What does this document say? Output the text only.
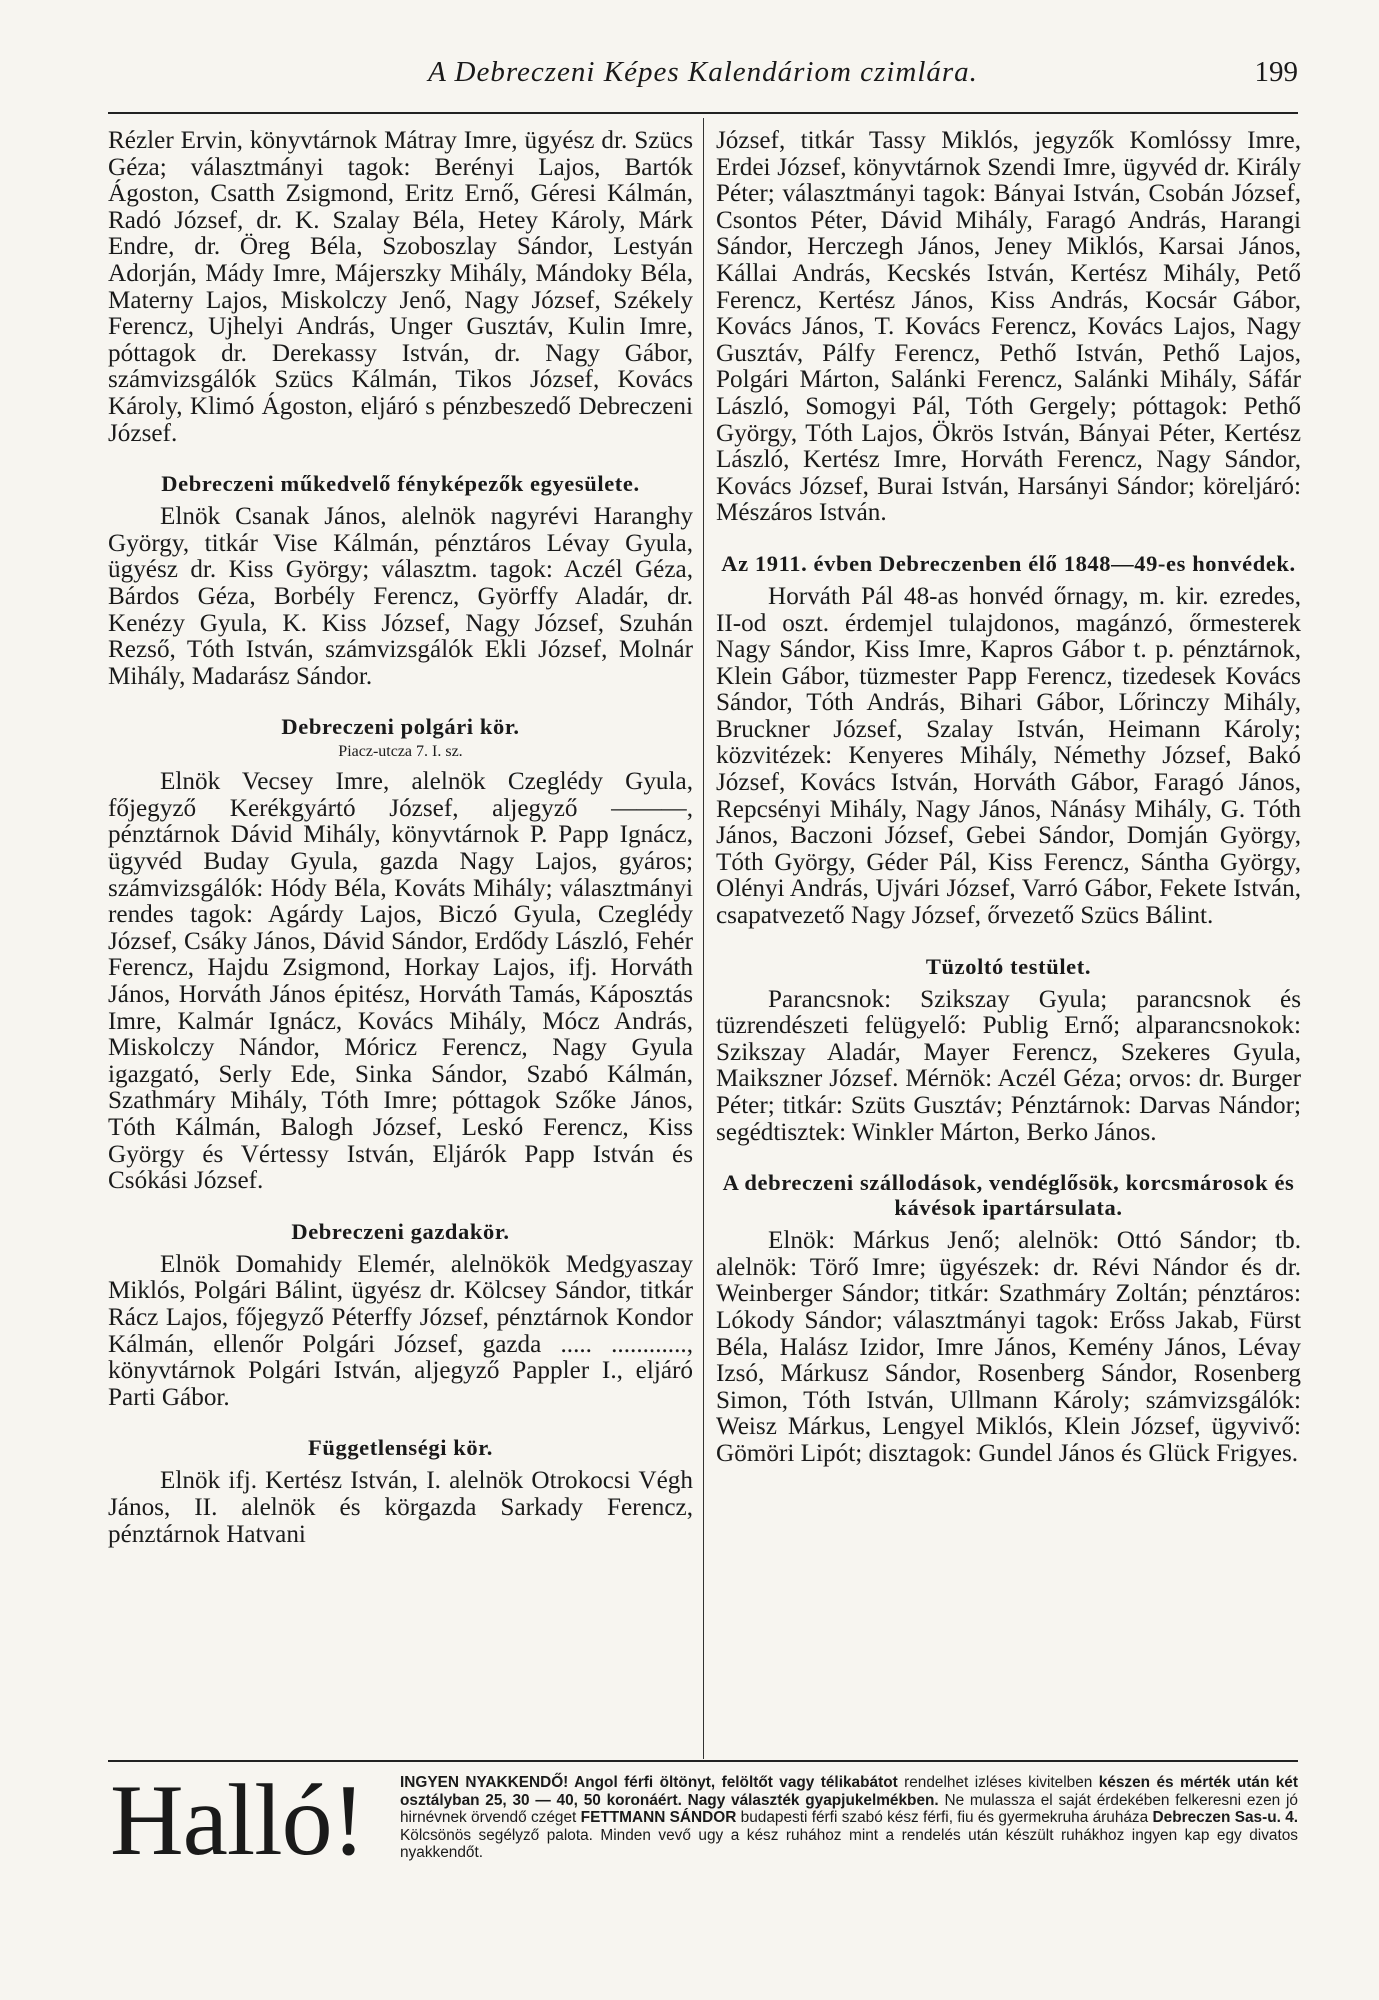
A Debreczeni Képes Kalendáriom czimlára.	199

Rézler Ervin, könyvtárnok Mátray Imre, ügyész dr. Szücs Géza; választmányi tagok: Berényi Lajos, Bartók Ágoston, Csatth Zsigmond, Eritz Ernő, Géresi Kálmán, Radó József, dr. K. Szalay Béla, Hetey Károly, Márk Endre, dr. Öreg Béla, Szoboszlay Sándor, Lestyán Adorján, Mády Imre, Májerszky Mihály, Mándoky Béla, Materny Lajos, Miskolczy Jenő, Nagy József, Székely Ferencz, Ujhelyi András, Unger Gusztáv, Kulin Imre, póttagok dr. Derekassy István, dr. Nagy Gábor, számvizsgálók Szücs Kálmán, Tikos József, Kovács Károly, Klimó Ágoston, eljáró s pénzbeszedő Debreczeni József.

Debreczeni műkedvelő fényképezők egyesülete.

Elnök Csanak János, alelnök nagyrévi Haranghy György, titkár Vise Kálmán, pénztáros Lévay Gyula, ügyész dr. Kiss György; választm. tagok: Aczél Géza, Bárdos Géza, Borbély Ferencz, Györffy Aladár, dr. Kenézy Gyula, K. Kiss József, Nagy József, Szuhán Rezső, Tóth István, számvizsgálók Ekli József, Molnár Mihály, Madarász Sándor.

Debreczeni polgári kör.
Piacz-utcza 7. I. sz.

Elnök Vecsey Imre, alelnök Czeglédy Gyula, főjegyző Kerékgyártó József, aljegyző ———, pénztárnok Dávid Mihály, könyvtárnok P. Papp Ignácz, ügyvéd Buday Gyula, gazda Nagy Lajos, gyáros; számvizsgálók: Hódy Béla, Kováts Mihály; választmányi rendes tagok: Agárdy Lajos, Biczó Gyula, Czeglédy József, Csáky János, Dávid Sándor, Erdődy László, Fehér Ferencz, Hajdu Zsigmond, Horkay Lajos, ifj. Horváth János, Horváth János épitész, Horváth Tamás, Káposztás Imre, Kalmár Ignácz, Kovács Mihály, Mócz András, Miskolczy Nándor, Móricz Ferencz, Nagy Gyula igazgató, Serly Ede, Sinka Sándor, Szabó Kálmán, Szathmáry Mihály, Tóth Imre; póttagok Szőke János, Tóth Kálmán, Balogh József, Leskó Ferencz, Kiss György és Vértessy István, Eljárók Papp István és Csókási József.

Debreczeni gazdakör.

Elnök Domahidy Elemér, alelnökök Medgyaszay Miklós, Polgári Bálint, ügyész dr. Kölcsey Sándor, titkár Rácz Lajos, főjegyző Péterffy József, pénztárnok Kondor Kálmán, ellenőr Polgári József, gazda ..... ............, könyvtárnok Polgári István, aljegyző Pappler I., eljáró Parti Gábor.

Függetlenségi kör.

Elnök ifj. Kertész István, I. alelnök Otrokocsi Végh János, II. alelnök és körgazda Sarkady Ferencz, pénztárnok Hatvani

József, titkár Tassy Miklós, jegyzők Komlóssy Imre, Erdei József, könyvtárnok Szendi Imre, ügyvéd dr. Király Péter; választmányi tagok: Bányai István, Csobán József, Csontos Péter, Dávid Mihály, Faragó András, Harangi Sándor, Herczegh János, Jeney Miklós, Karsai János, Kállai András, Kecskés István, Kertész Mihály, Pető Ferencz, Kertész János, Kiss András, Kocsár Gábor, Kovács János, T. Kovács Ferencz, Kovács Lajos, Nagy Gusztáv, Pálfy Ferencz, Pethő István, Pethő Lajos, Polgári Márton, Salánki Ferencz, Salánki Mihály, Sáfár László, Somogyi Pál, Tóth Gergely; póttagok: Pethő György, Tóth Lajos, Ökrös István, Bányai Péter, Kertész László, Kertész Imre, Horváth Ferencz, Nagy Sándor, Kovács József, Burai István, Harsányi Sándor; köreljáró: Mészáros István.

Az 1911. évben Debreczenben élő 1848—49-es honvédek.

Horváth Pál 48-as honvéd őrnagy, m. kir. ezredes, II-od oszt. érdemjel tulajdonos, magánzó, őrmesterek Nagy Sándor, Kiss Imre, Kapros Gábor t. p. pénztárnok, Klein Gábor, tüzmester Papp Ferencz, tizedesek Kovács Sándor, Tóth András, Bihari Gábor, Lőrinczy Mihály, Bruckner József, Szalay István, Heimann Károly; közvitézek: Kenyeres Mihály, Némethy József, Bakó József, Kovács István, Horváth Gábor, Faragó János, Repcsényi Mihály, Nagy János, Nánásy Mihály, G. Tóth János, Baczoni József, Gebei Sándor, Domján György, Tóth György, Géder Pál, Kiss Ferencz, Sántha György, Olényi András, Ujvári József, Varró Gábor, Fekete István, csapatvezető Nagy József, őrvezető Szücs Bálint.

Tüzoltó testület.

Parancsnok: Szikszay Gyula; parancsnok és tüzrendészeti felügyelő: Publig Ernő; alparancsnokok: Szikszay Aladár, Mayer Ferencz, Szekeres Gyula, Maikszner József. Mérnök: Aczél Géza; orvos: dr. Burger Péter; titkár: Szüts Gusztáv; Pénztárnok: Darvas Nándor; segédtisztek: Winkler Márton, Berko János.

A debreczeni szállodások, vendéglősök, korcsmárosok és kávésok ipartársulata.

Elnök: Márkus Jenő; alelnök: Ottó Sándor; tb. alelnök: Törő Imre; ügyészek: dr. Révi Nándor és dr. Weinberger Sándor; titkár: Szathmáry Zoltán; pénztáros: Lókody Sándor; választmányi tagok: Erőss Jakab, Fürst Béla, Halász Izidor, Imre János, Kemény János, Lévay Izsó, Márkusz Sándor, Rosenberg Sándor, Rosenberg Simon, Tóth István, Ullmann Károly; számvizsgálók: Weisz Márkus, Lengyel Miklós, Klein József, ügyvivő: Gömöri Lipót; disztagok: Gundel János és Glück Frigyes.

Halló! INGYEN NYAKKENDŐ! Angol férfi öltönyt, felöltőt vagy télikabátot rendelhet izléses kivitelben készen és mérték után két osztályban 25, 30 — 40, 50 koronáért. Nagy választék gyapjukelmékben. Ne mulassza el saját érdekében felkeresni ezen jó hirnévnek örvendő czéget FETTMANN SÁNDOR budapesti férfi szabó kész férfi, fiu és gyermekruha áruháza Debreczen Sas-u. 4. Kölcsönös segélyző palota. Minden vevő ugy a kész ruhához mint a rendelés után készült ruhákhoz ingyen kap egy divatos nyakkendőt.
